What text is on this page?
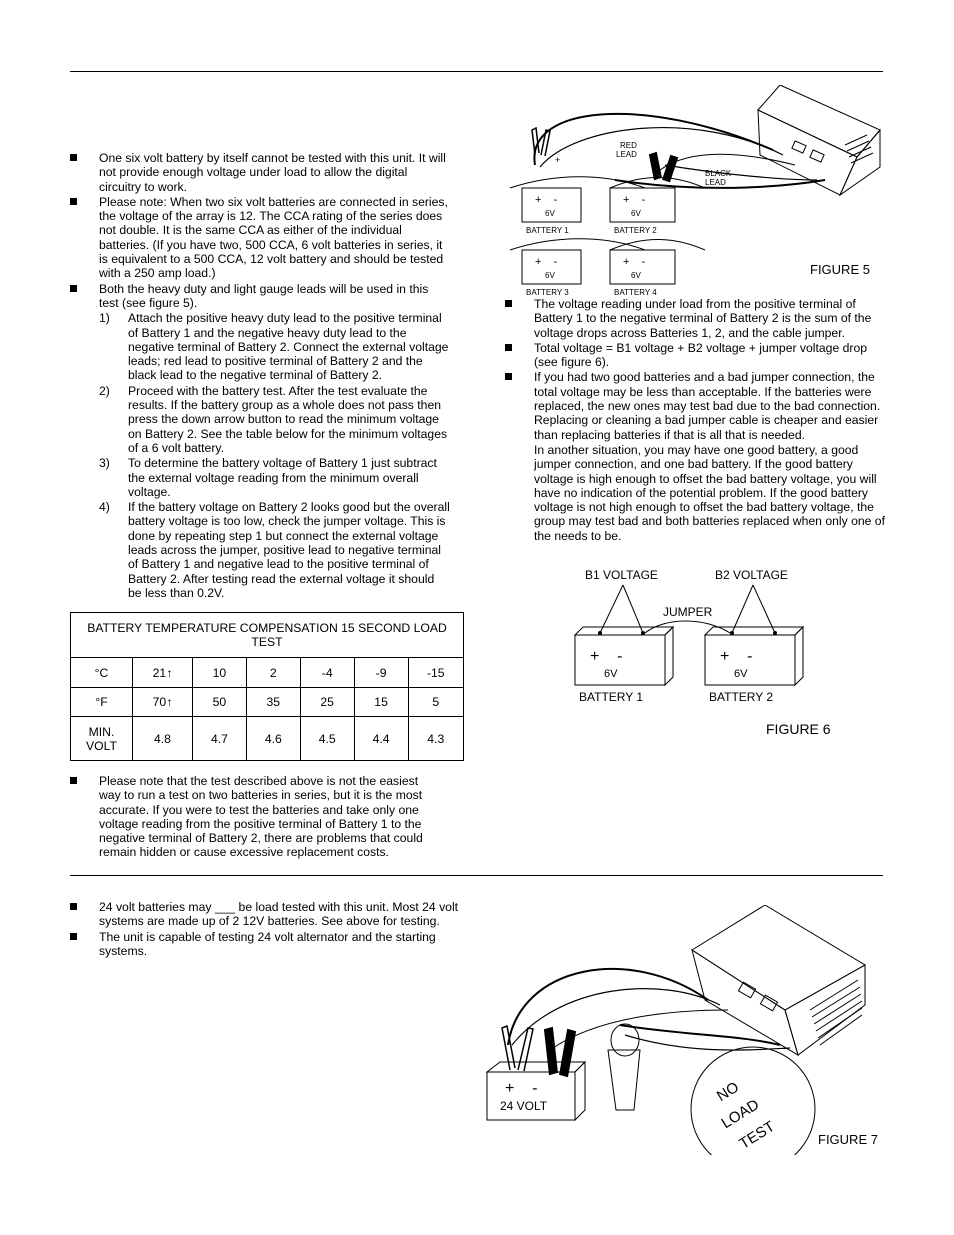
One six volt battery by itself cannot be tested with this unit. It will not provide enough voltage under load to allow the digital circuitry to work.
Please note: When two six volt batteries are connected in series, the voltage of the array is 12. The CCA rating of the series does not double. It is the same CCA as either of the individual batteries. (If you have two, 500 CCA, 6 volt batteries in series, it is equivalent to a 500 CCA, 12 volt battery and should be tested with a 250 amp load.)
Both the heavy duty and light gauge leads will be used in this test (see figure 5).
1) Attach the positive heavy duty lead to the positive terminal of Battery 1 and the negative heavy duty lead to the negative terminal of Battery 2. Connect the external voltage leads; red lead to positive terminal of Battery 2 and the black lead to the negative terminal of Battery 2.
2) Proceed with the battery test. After the test evaluate the results. If the battery group as a whole does not pass then press the down arrow button to read the minimum voltage on Battery 2. See the table below for the minimum voltages of a 6 volt battery.
3) To determine the battery voltage of Battery 1 just subtract the external voltage reading from the minimum overall voltage.
4) If the battery voltage on Battery 2 looks good but the overall battery voltage is too low, check the jumper voltage. This is done by repeating step 1 but connect the external voltage leads across the jumper, positive lead to negative terminal of Battery 1 and negative lead to the positive terminal of Battery 2. After testing read the external voltage it should be less than 0.2V.
BATTERY TEMPERATURE COMPENSATION 15 SECOND LOAD TEST						
°C	21↑	10	2	-4	-9	-15
°F	70↑	50	35	25	15	5
MIN. VOLT	4.8	4.7	4.6	4.5	4.4	4.3
Please note that the test described above is not the easiest way to run a test on two batteries in series, but it is the most accurate. If you were to test the batteries and take only one voltage reading from the positive terminal of Battery 1 to the negative terminal of Battery 2, there are problems that could remain hidden or cause excessive replacement costs.
The voltage reading under load from the positive terminal of Battery 1 to the negative terminal of Battery 2 is the sum of the voltage drops across Batteries 1, 2, and the cable jumper.
Total voltage = B1 voltage + B2 voltage + jumper voltage drop (see figure 6).
If you had two good batteries and a bad jumper connection, the total voltage may be less than acceptable. If the batteries were replaced, the new ones may test bad due to the bad connection. Replacing or cleaning a bad jumper cable is cheaper and easier than replacing batteries if that is all that is needed.

In another situation, you may have one good battery, a good jumper connection, and one bad battery. If the good battery voltage is high enough to offset the bad battery voltage, you will have no indication of the potential problem. If the good battery voltage is not high enough to offset the bad battery voltage, the group may test bad and both batteries replaced when only one of the needs to be.

24 volt batteries may ___ be load tested with this unit. Most 24 volt systems are made up of 2 12V batteries. See above for testing.
The unit is capable of testing 24 volt alternator and the starting systems.
+	-
RED
LEAD
BLACK
LEAD
+    -
6V
+    -
6V
+    -
6V
+    -
6V
BATTERY 1	BATTERY 2
BATTERY 3	BATTERY 4
FIGURE 5
B1 VOLTAGE	B2 VOLTAGE
JUMPER
+    -
6V
+    -
6V
BATTERY 1	BATTERY 2
FIGURE 6
+    -
24 VOLT
NO
LOAD
TEST	FIGURE 7
